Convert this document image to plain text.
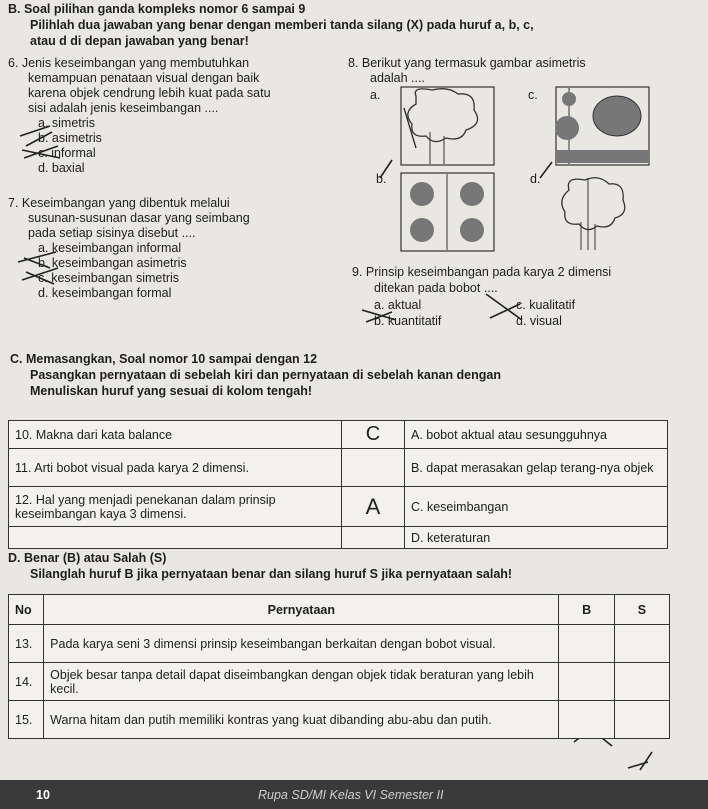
B. Soal pilihan ganda kompleks nomor 6 sampai 9
Pilihlah dua jawaban yang benar dengan memberi tanda silang (X) pada huruf a, b, c,
atau d di depan jawaban yang benar!
6. Jenis keseimbangan yang membutuhkan
kemampuan penataan visual dengan baik
karena objek cendrung lebih kuat pada satu
sisi adalah jenis keseimbangan ....
a. simetris
b. asimetris
c. informal
d. baxial
7. Keseimbangan yang dibentuk melalui
susunan-susunan dasar yang seimbang
pada setiap sisinya disebut ....
a. keseimbangan informal
b. keseimbangan asimetris
c. keseimbangan simetris
d. keseimbangan formal
8. Berikut yang termasuk gambar asimetris
adalah ....
a.	c.
b.	d.
9. Prinsip keseimbangan pada karya 2 dimensi
ditekan pada bobot ....
a. aktual
b. kuantitatif
c. kualitatif
d. visual
C. Memasangkan, Soal nomor 10 sampai dengan 12
Pasangkan pernyataan di sebelah kiri dan pernyataan di sebelah kanan dengan
Menuliskan huruf yang sesuai di kolom tengah!
10. Makna dari kata balance	C	A. bobot aktual atau sesungguhnya
11. Arti bobot visual pada karya 2 dimensi.		B. dapat merasakan gelap terang-nya objek
12. Hal yang menjadi penekanan dalam prinsip keseimbangan kaya 3 dimensi.	A	C. keseimbangan
		D. keteraturan
D. Benar (B) atau Salah (S)
Silanglah huruf B jika pernyataan benar dan silang huruf S jika pernyataan salah!
No	Pernyataan	B	S
13.	Pada karya seni 3 dimensi prinsip keseimbangan berkaitan dengan bobot visual.		
14.	Objek besar tanpa detail dapat diseimbangkan dengan objek tidak beraturan yang lebih kecil.		
15.	Warna hitam dan putih memiliki kontras yang kuat dibanding abu-abu dan putih.		
10	Rupa SD/MI Kelas VI Semester II
